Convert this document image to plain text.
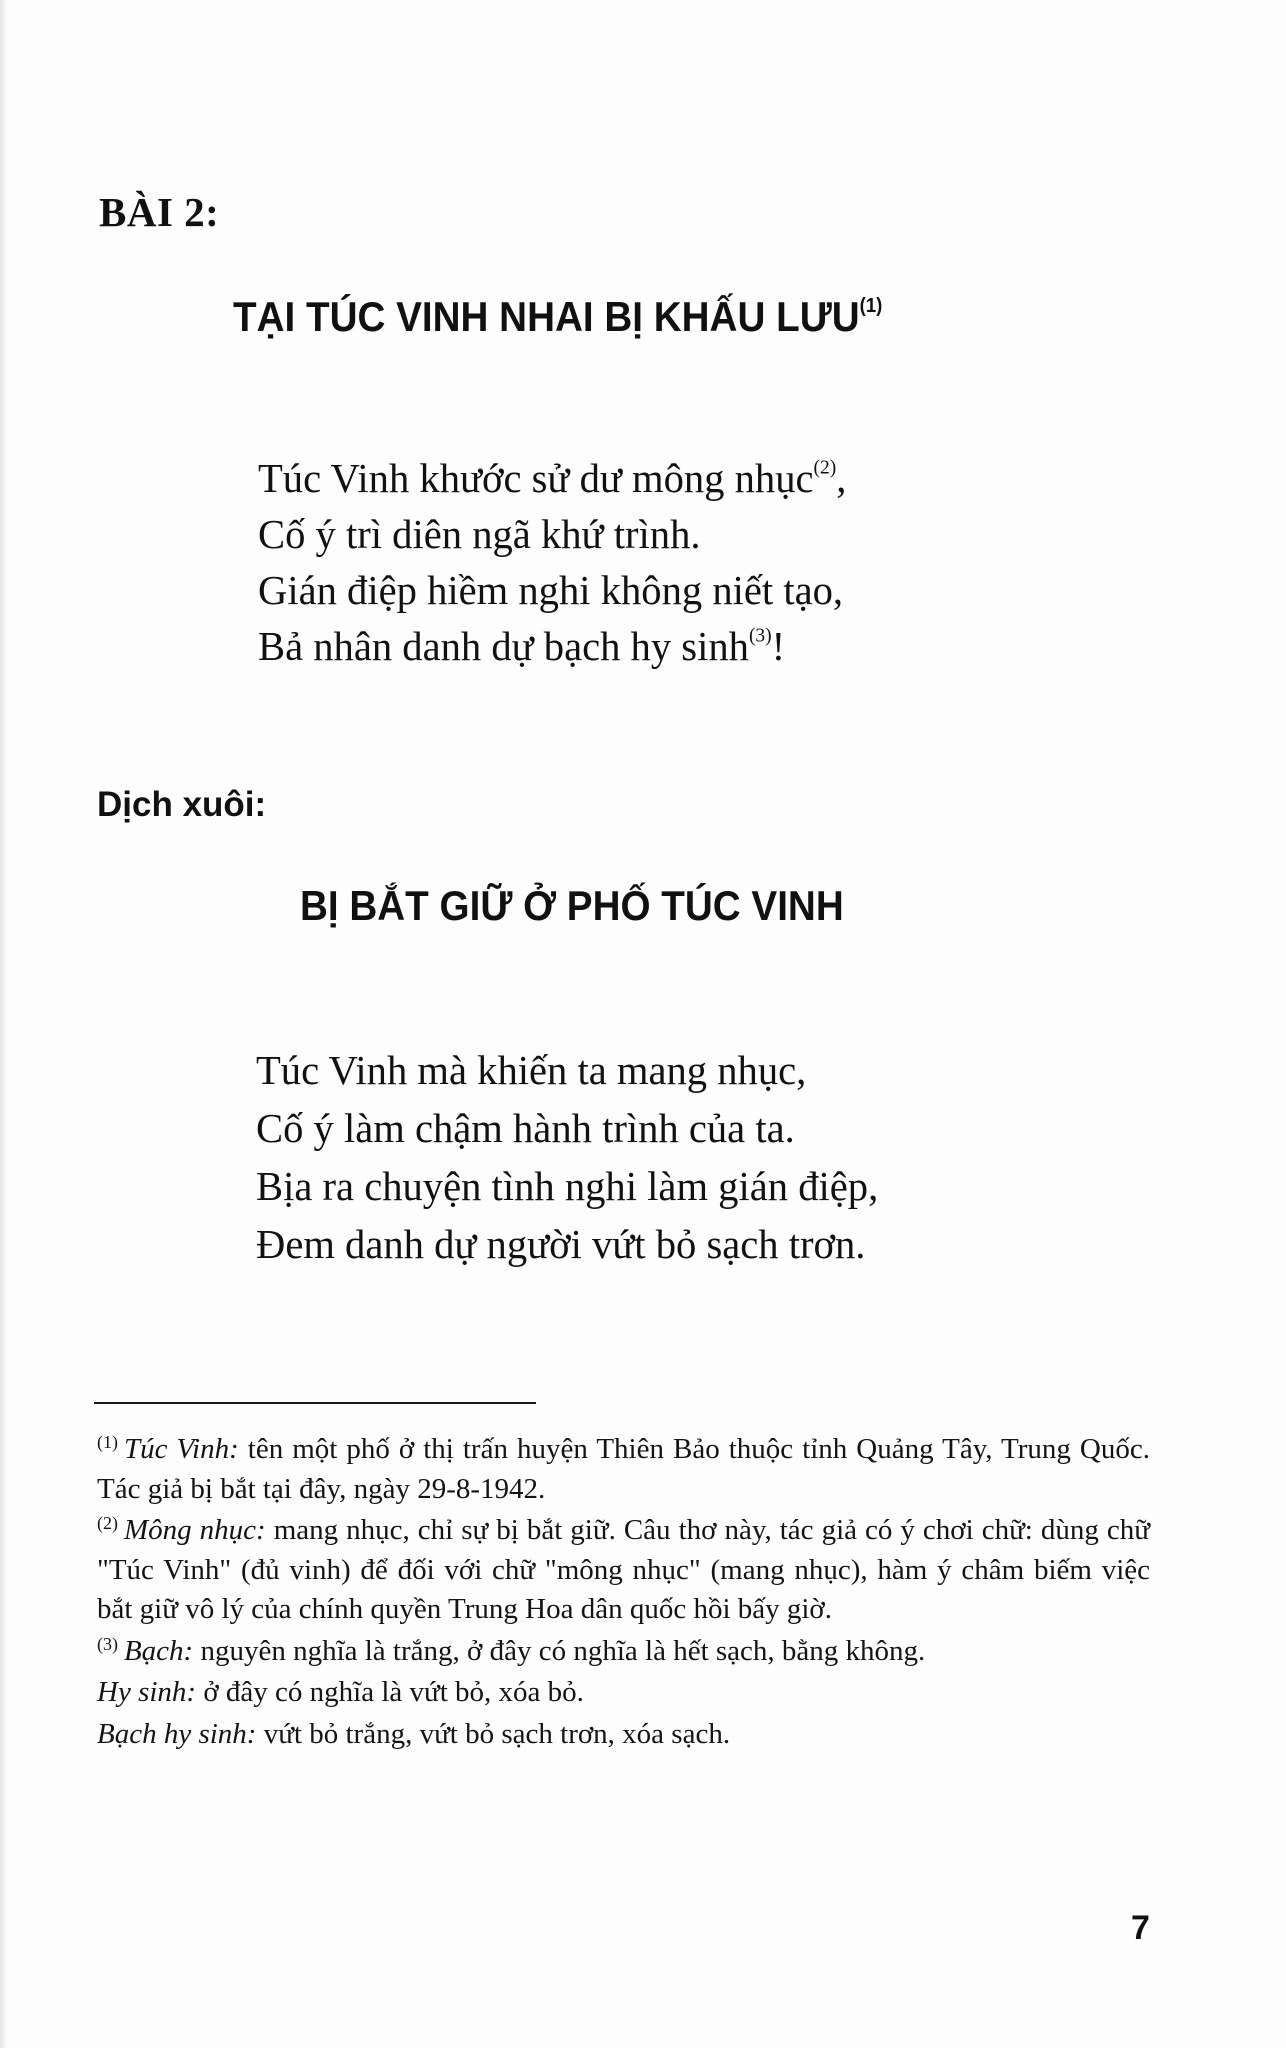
BÀI 2:
TẠI TÚC VINH NHAI BỊ KHẤU LƯU$^{(1)}$
Túc Vinh khước sử dư mông nhục$^{(2)}$,
Cố ý trì diên ngã khứ trình.
Gián điệp hiềm nghi không niết tạo,
Bả nhân danh dự bạch hy $\sinh^{(3)}$!
Dịch xuôi:
BỊ BẮT GIỮ Ở PHỐ TÚC VINH
Túc Vinh mà khiến ta mang nhục,
Cố ý làm chậm hành trình của ta.
Bịa ra chuyện tình nghi làm gián điệp,
Đem danh dự người vứt bỏ sạch trơn.

$^{(1)}$ Túc Vinh: tên một phố ở thị trấn huyện Thiên Bảo thuộc tỉnh Quảng Tây, Trung Quốc. Tác giả bị bắt tại đây, ngày 29-8-1942.

$^{(2)}$ Mông nhục: mang nhục, chỉ sự bị bắt giữ. Câu thơ này, tác giả có ý chơi chữ: dùng chữ "Túc Vinh" (đủ vinh) để đối với chữ "mông nhục" (mang nhục), hàm ý châm biếm việc bắt giữ vô lý của chính quyền Trung Hoa dân quốc hồi bấy giờ.

$^{(3)}$ Bạch: nguyên nghĩa là trắng, ở đây có nghĩa là hết sạch, bằng không.

Hy sinh: ở đây có nghĩa là vứt bỏ, xóa bỏ.

Bạch hy sinh: vứt bỏ trắng, vứt bỏ sạch trơn, xóa sạch.

7
